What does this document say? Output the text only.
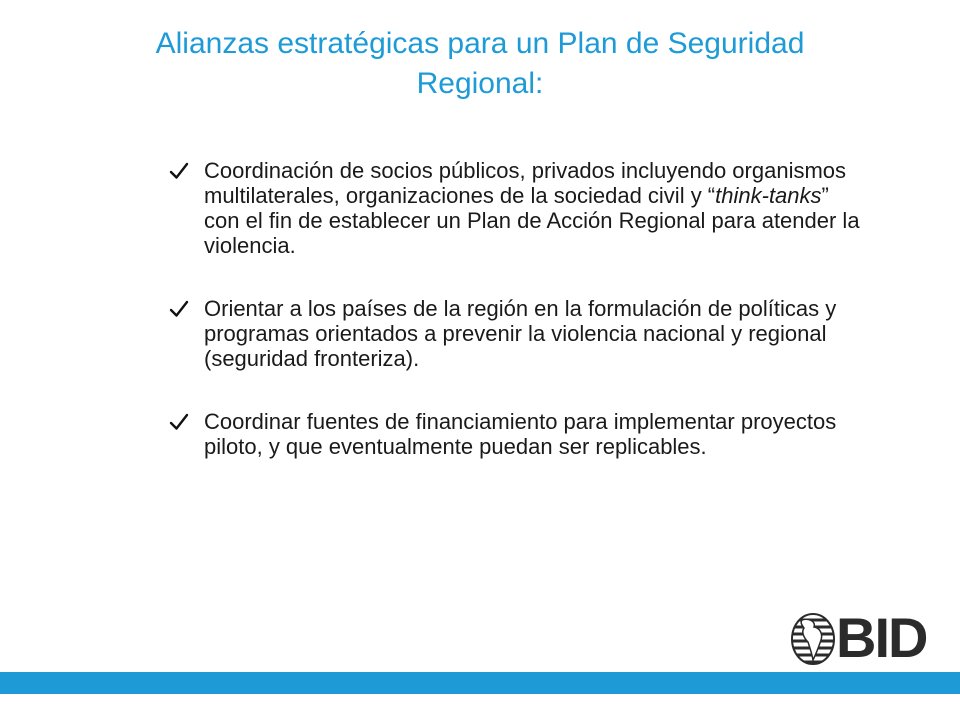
Alianzas estratégicas para un Plan de Seguridad
Regional:
Coordinación de socios públicos, privados incluyendo organismos multilaterales, organizaciones de la sociedad civil y “think-tanks” con el fin de establecer un Plan de Acción Regional para atender la violencia.
Orientar a los países de la región en la formulación de políticas y programas orientados a prevenir la violencia nacional y regional (seguridad fronteriza).
Coordinar fuentes de financiamiento para implementar proyectos piloto, y que eventualmente puedan ser replicables.
BID
